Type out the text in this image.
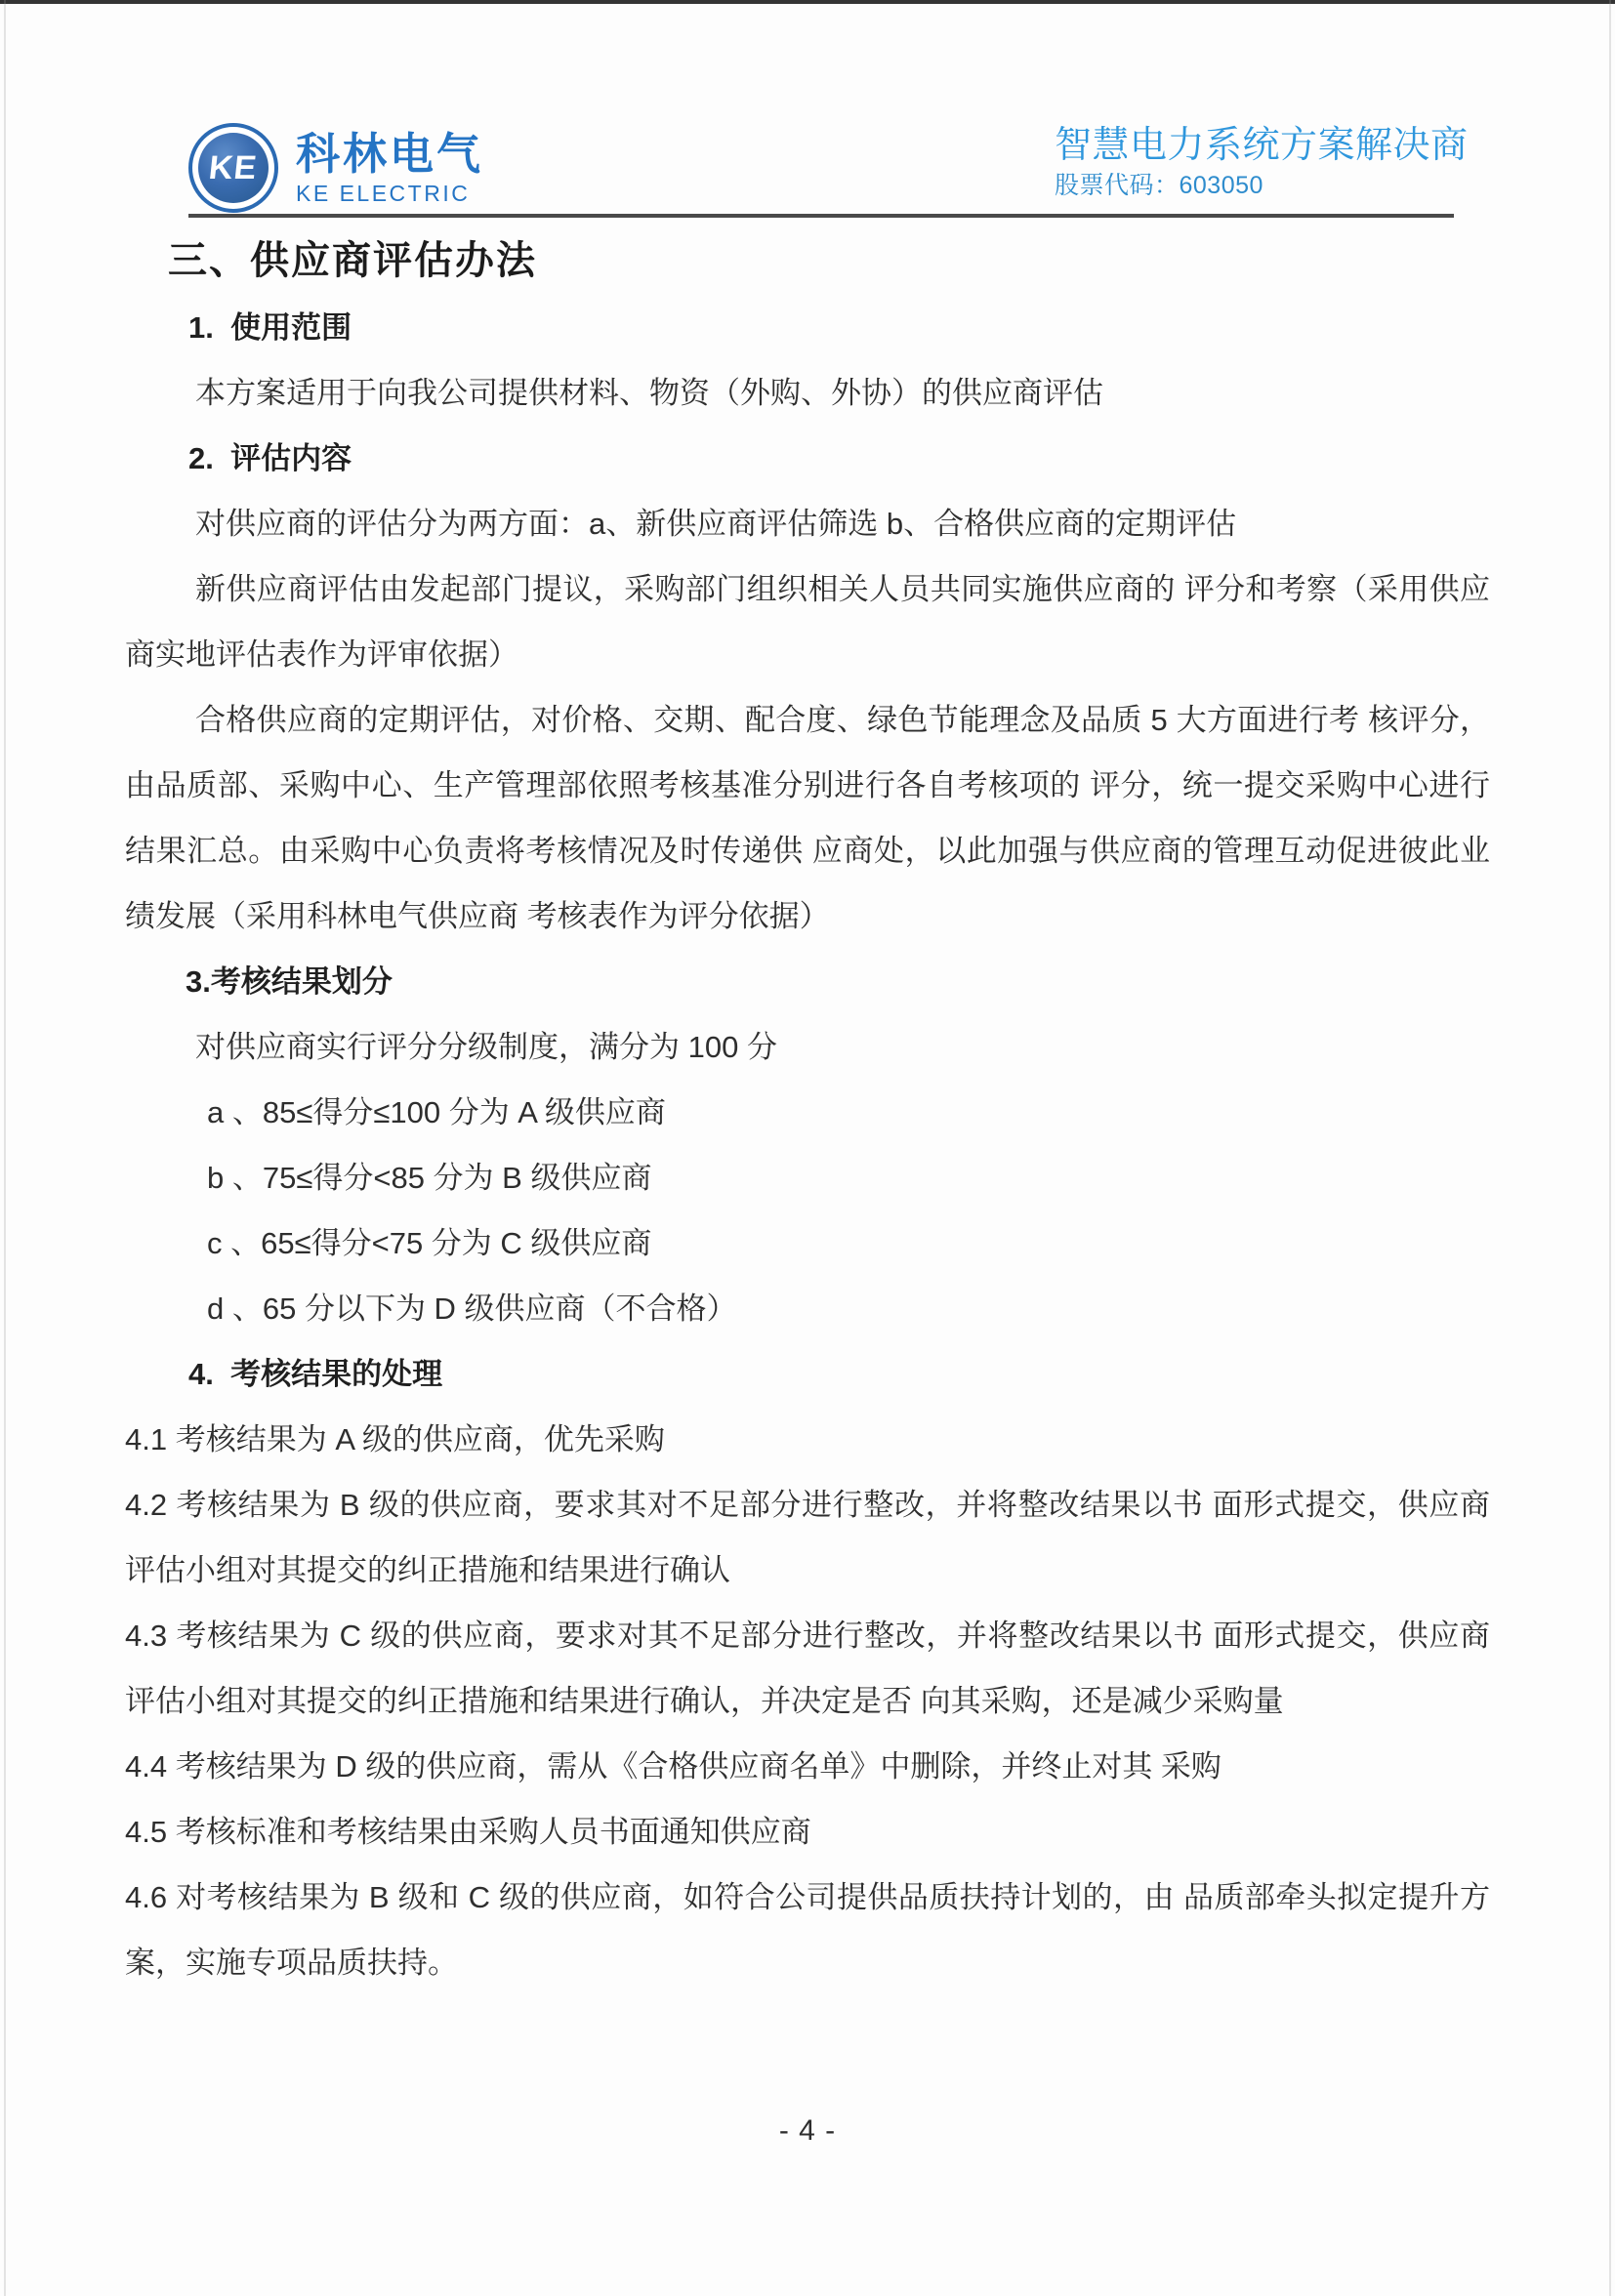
KE 科林电气
KE ELECTRIC
智慧电力系统方案解决商
股票代码：603050
三、供应商评估办法
1.  使用范围
本方案适用于向我公司提供材料、物资（外购、外协）的供应商评估
2.  评估内容
对供应商的评估分为两方面：a、新供应商评估筛选 b、合格供应商的定期评估
新供应商评估由发起部门提议，采购部门组织相关人员共同实施供应商的 评分和考察（采用供应商实地评估表作为评审依据）
合格供应商的定期评估，对价格、交期、配合度、绿色节能理念及品质 5 大方面进行考 核评分，由品质部、采购中心、生产管理部依照考核基准分别进行各自考核项的 评分，统一提交采购中心进行结果汇总。由采购中心负责将考核情况及时传递供 应商处，以此加强与供应商的管理互动促进彼此业绩发展（采用科林电气供应商 考核表作为评分依据）
3.考核结果划分
对供应商实行评分分级制度，满分为 100 分
a 、85≤得分≤100 分为 A 级供应商
b 、75≤得分<85 分为 B 级供应商
c 、65≤得分<75 分为 C 级供应商
d 、65 分以下为 D 级供应商（不合格）
4.  考核结果的处理
4.1 考核结果为 A 级的供应商，优先采购
4.2 考核结果为 B 级的供应商，要求其对不足部分进行整改，并将整改结果以书 面形式提交，供应商评估小组对其提交的纠正措施和结果进行确认
4.3 考核结果为 C 级的供应商，要求对其不足部分进行整改，并将整改结果以书 面形式提交，供应商评估小组对其提交的纠正措施和结果进行确认，并决定是否 向其采购，还是减少采购量
4.4 考核结果为 D 级的供应商，需从《合格供应商名单》中删除，并终止对其 采购
4.5 考核标准和考核结果由采购人员书面通知供应商
4.6 对考核结果为 B 级和 C 级的供应商，如符合公司提供品质扶持计划的，由 品质部牵头拟定提升方案，实施专项品质扶持。
- 4 -
